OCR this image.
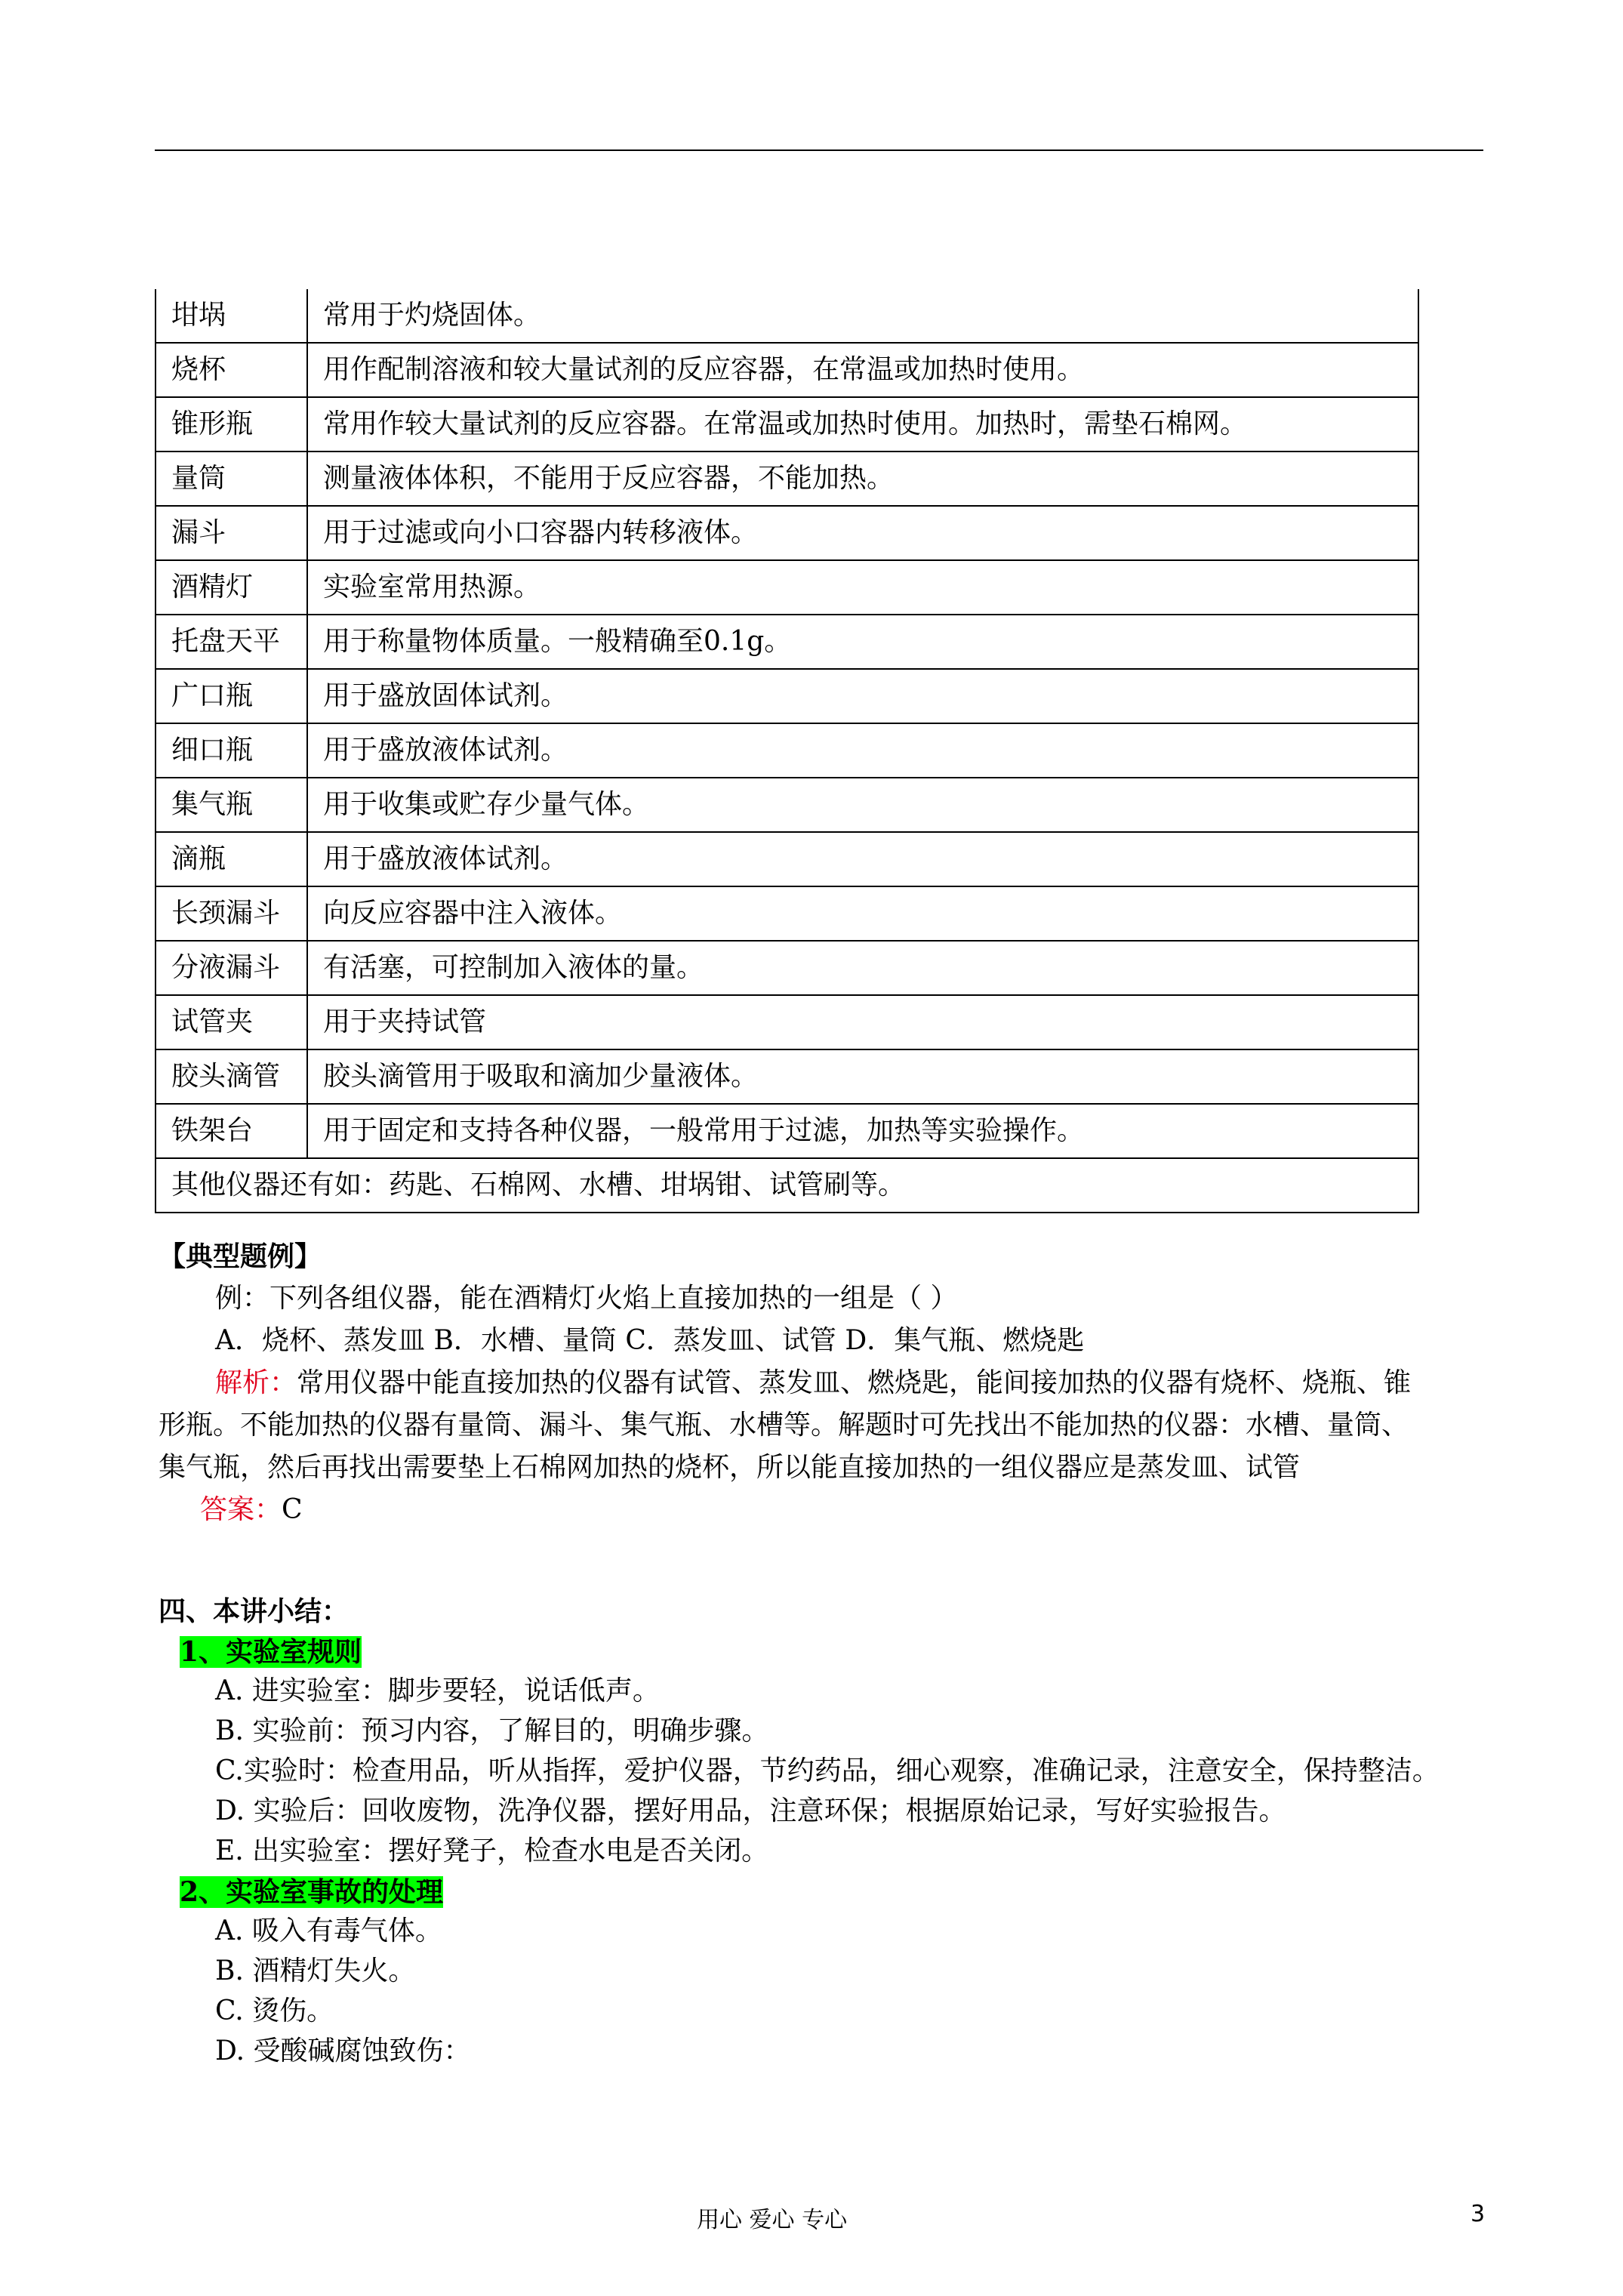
坩埚	常用于灼烧固体。
烧杯	用作配制溶液和较大量试剂的反应容器，在常温或加热时使用。
锥形瓶	常用作较大量试剂的反应容器。在常温或加热时使用。加热时，需垫石棉网。
量筒	测量液体体积，不能用于反应容器，不能加热。
漏斗	用于过滤或向小口容器内转移液体。
酒精灯	实验室常用热源。
托盘天平	用于称量物体质量。一般精确至0.1g。
广口瓶	用于盛放固体试剂。
细口瓶	用于盛放液体试剂。
集气瓶	用于收集或贮存少量气体。
滴瓶	用于盛放液体试剂。
长颈漏斗	向反应容器中注入液体。
分液漏斗	有活塞，可控制加入液体的量。
试管夹	用于夹持试管
胶头滴管	胶头滴管用于吸取和滴加少量液体。
铁架台	用于固定和支持各种仪器，一般常用于过滤，加热等实验操作。
其他仪器还有如：药匙、石棉网、水槽、坩埚钳、试管刷等。	
【典型题例】
例：下列各组仪器，能在酒精灯火焰上直接加热的一组是（ ）
A．烧杯、蒸发皿 B．水槽、量筒 C．蒸发皿、试管 D．集气瓶、燃烧匙
解析：常用仪器中能直接加热的仪器有试管、蒸发皿、燃烧匙，能间接加热的仪器有烧杯、烧瓶、锥
形瓶。不能加热的仪器有量筒、漏斗、集气瓶、水槽等。解题时可先找出不能加热的仪器：水槽、量筒、
集气瓶，然后再找出需要垫上石棉网加热的烧杯，所以能直接加热的一组仪器应是蒸发皿、试管
答案：C
四、本讲小结：
1、实验室规则
A. 进实验室：脚步要轻，说话低声。
B. 实验前：预习内容，了解目的，明确步骤。
C.实验时：检查用品，听从指挥，爱护仪器，节约药品，细心观察，准确记录，注意安全，保持整洁。
D. 实验后：回收废物，洗净仪器，摆好用品，注意环保；根据原始记录，写好实验报告。
E. 出实验室：摆好凳子，检查水电是否关闭。
2、实验室事故的处理
A. 吸入有毒气体。
B. 酒精灯失火。
C. 烫伤。
D. 受酸碱腐蚀致伤：
用心 爱心 专心	3
